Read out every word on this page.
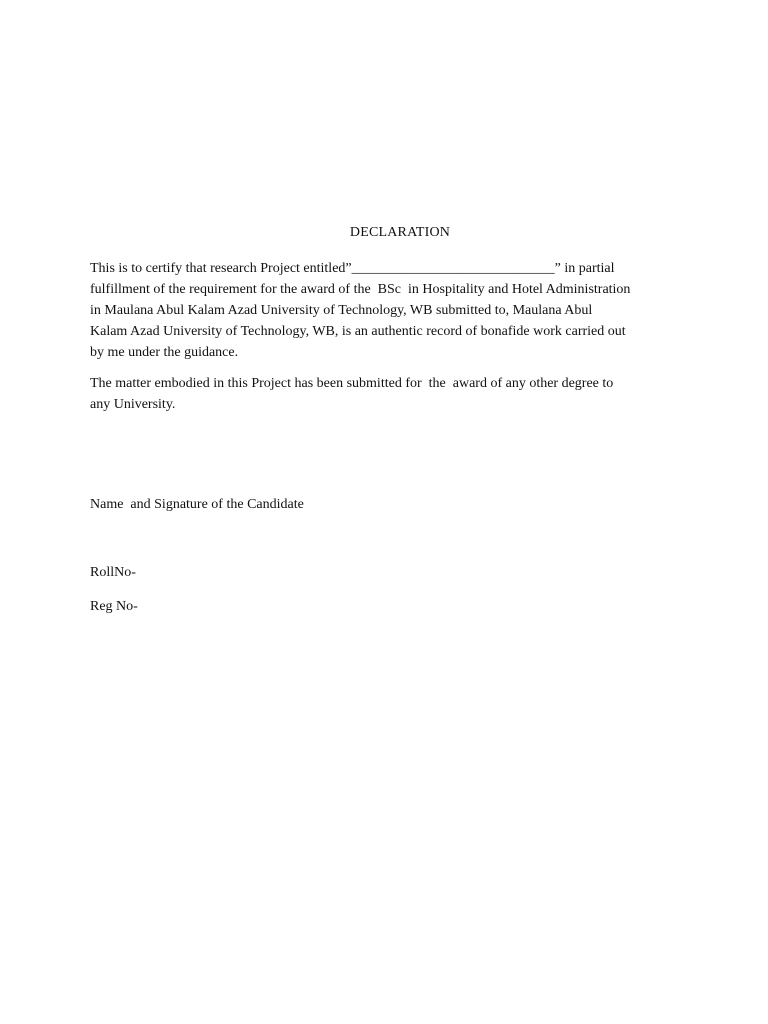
DECLARATION
This is to certify that research Project entitled”_____________________________” in partial
fulfillment of the requirement for the award of the  BSc  in Hospitality and Hotel Administration
in Maulana Abul Kalam Azad University of Technology, WB submitted to, Maulana Abul
Kalam Azad University of Technology, WB, is an authentic record of bonafide work carried out
by me under the guidance.
The matter embodied in this Project has been submitted for  the  award of any other degree to
any University.
Name  and Signature of the Candidate
RollNo-
Reg No-
